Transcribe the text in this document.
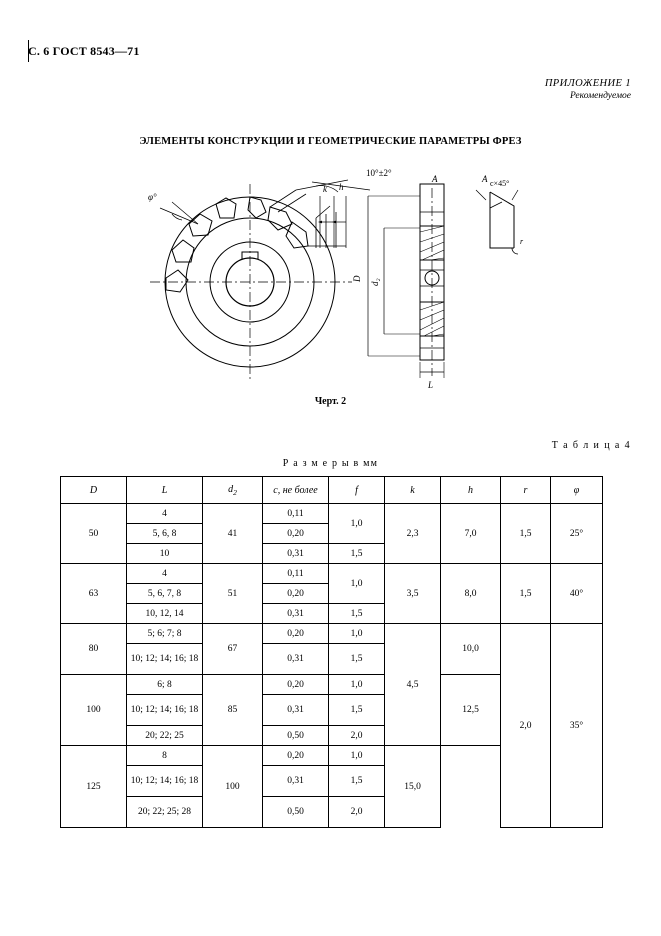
С. 6 ГОСТ 8543—71
ПРИЛОЖЕНИЕ 1
Рекомендуемое
ЭЛЕМЕНТЫ КОНСТРУКЦИИ И ГЕОМЕТРИЧЕСКИЕ ПАРАМЕТРЫ ФРЕЗ
10°±2°
φ°
k h
A
A	с×45°
r
D d₂
L
Черт. 2
Т а б л и ц а 4
Р а з м е р ы в мм
D	L	$d_2$	c, не более	f	k	h	r	φ
50	4	41	0,11	1,0	2,3	7,0	1,5	25°
	5, 6, 8		0,20					
	10		0,31	1,5				
63	4	51	0,11	1,0	3,5	8,0	1,5	40°
	5, 6, 7, 8		0,20					
	10, 12, 14		0,31	1,5				
80	5; 6; 7; 8	67	0,20	1,0	4,5	10,0	2,0	35°
	10; 12; 14; 16; 18		0,31	1,5				
100	6; 8	85	0,20	1,0		12,5		
	10; 12; 14; 16; 18		0,31	1,5				
	20; 22; 25		0,50	2,0				
125	8	100	0,20	1,0	15,0			
	10; 12; 14; 16; 18		0,31	1,5				
	20; 22; 25; 28		0,50	2,0				
